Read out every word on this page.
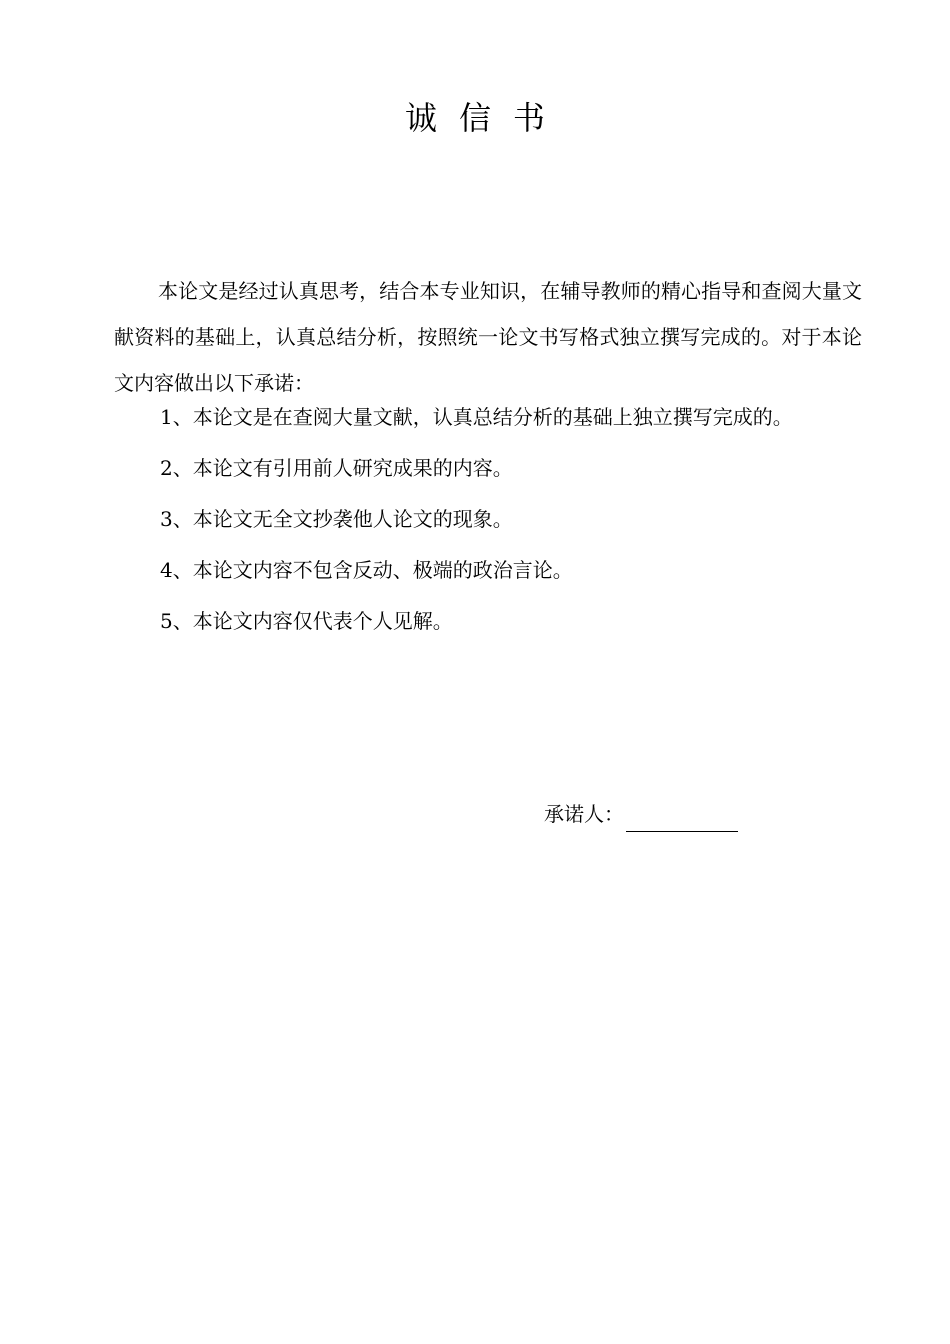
诚信书

本论文是经过认真思考，结合本专业知识，在辅导教师的精心指导和查阅大量文献资料的基础上，认真总结分析，按照统一论文书写格式独立撰写完成的。对于本论文内容做出以下承诺：

1、本论文是在查阅大量文献，认真总结分析的基础上独立撰写完成的。
2、本论文有引用前人研究成果的内容。
3、本论文无全文抄袭他人论文的现象。
4、本论文内容不包含反动、极端的政治言论。
5、本论文内容仅代表个人见解。
承诺人：
